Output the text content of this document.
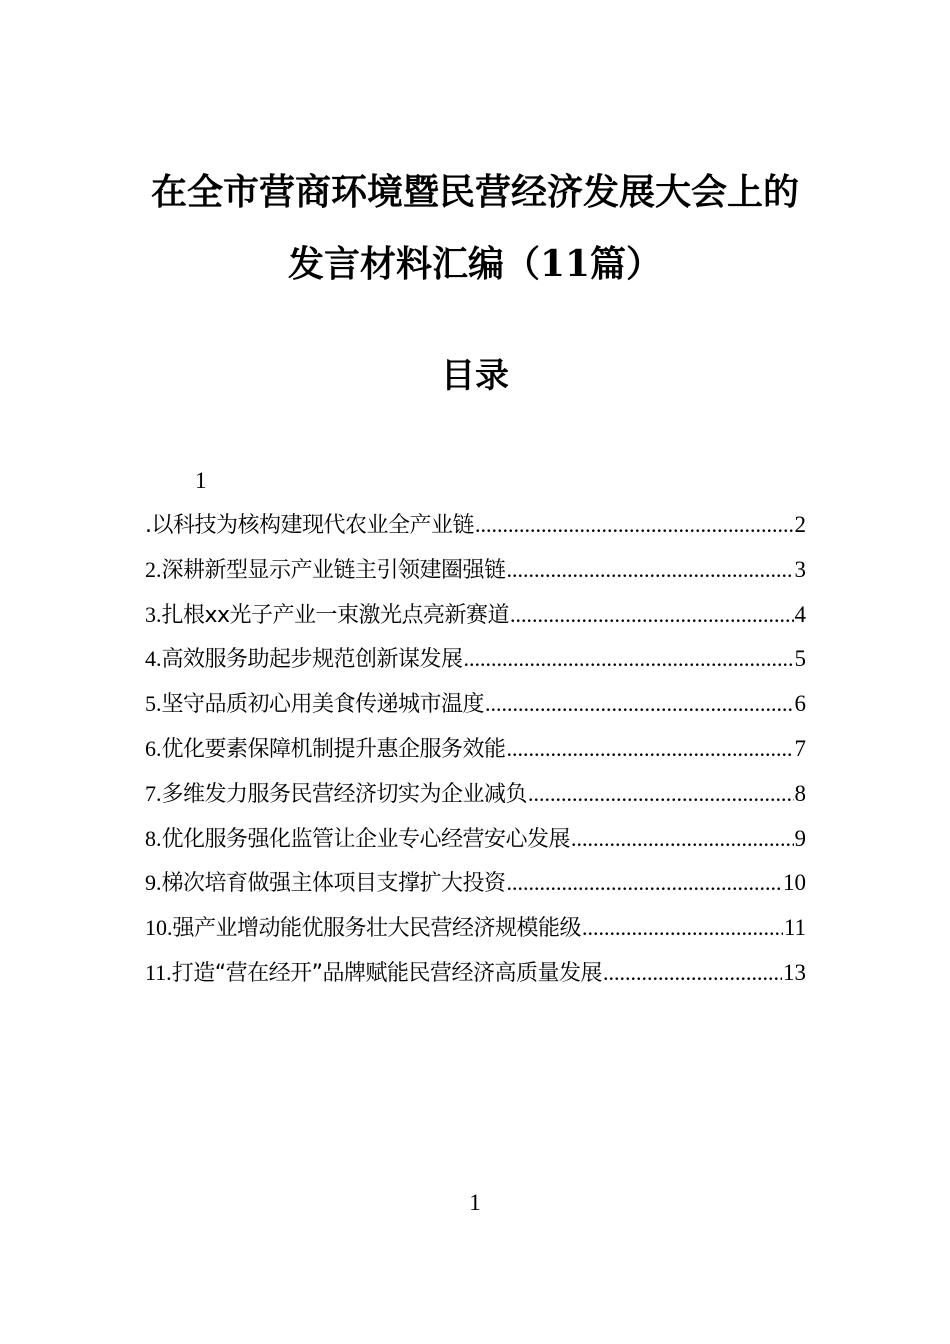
在全市营商环境暨民营经济发展大会上的
发言材料汇编（11篇）
目录
1
.以科技为核构建现代农业全产业链 .....	2
2.深耕新型显示产业链主引领建圈强链 .....	3
3.扎根xx光子产业一束激光点亮新赛道 .....	4
4.高效服务助起步规范创新谋发展 .....	5
5.坚守品质初心用美食传递城市温度 .....	6
6.优化要素保障机制提升惠企服务效能 .....	7
7.多维发力服务民营经济切实为企业减负 .....	8
8.优化服务强化监管让企业专心经营安心发展 .....	9
9.梯次培育做强主体项目支撑扩大投资 .....	10
10.强产业增动能优服务壮大民营经济规模能级 .....	11
11.打造“营在经开”品牌赋能民营经济高质量发展 .....	13
1
